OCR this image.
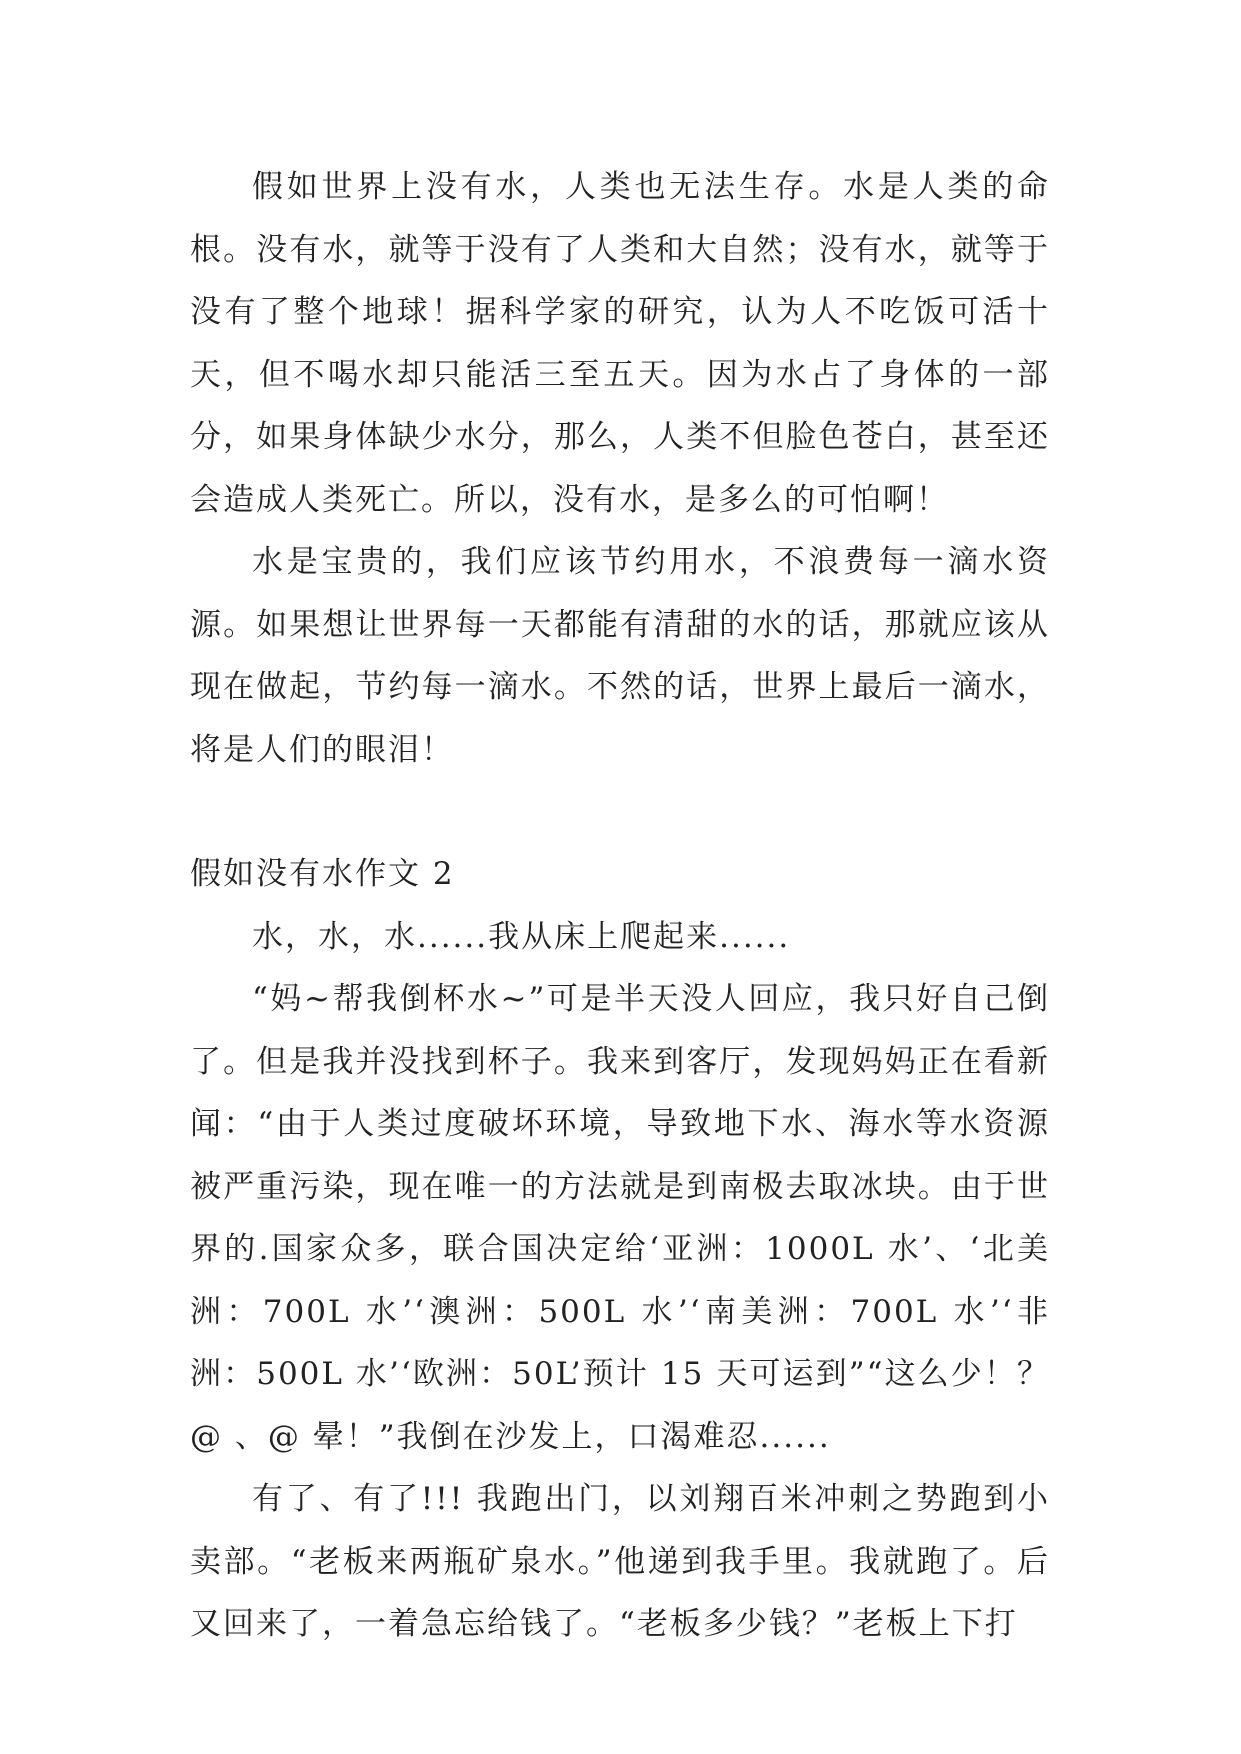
假如世界上没有水，人类也无法生存。水是人类的命根。没有水，就等于没有了人类和大自然；没有水，就等于没有了整个地球！据科学家的研究，认为人不吃饭可活十天，但不喝水却只能活三至五天。因为水占了身体的一部分，如果身体缺少水分，那么，人类不但脸色苍白，甚至还会造成人类死亡。所以，没有水，是多么的可怕啊！

水是宝贵的，我们应该节约用水，不浪费每一滴水资源。如果想让世界每一天都能有清甜的水的话，那就应该从现在做起，节约每一滴水。不然的话，世界上最后一滴水，将是人们的眼泪！

假如没有水作文 2

水，水，水......我从床上爬起来......

“妈~帮我倒杯水~”可是半天没人回应，我只好自己倒了。但是我并没找到杯子。我来到客厅，发现妈妈正在看新闻：“由于人类过度破坏环境，导致地下水、海水等水资源被严重污染，现在唯一的方法就是到南极去取冰块。由于世界的.国家众多，联合国决定给‘亚洲：1000L 水’、‘北美洲：700L 水’‘澳洲：500L 水’‘南美洲：700L 水’‘非洲：500L 水’‘欧洲：50L’预计 15 天可运到”“这么少！？@ 、@ 晕！”我倒在沙发上，口渴难忍......

有了、有了!!! 我跑出门，以刘翔百米冲刺之势跑到小卖部。“老板来两瓶矿泉水。”他递到我手里。我就跑了。后又回来了，一着急忘给钱了。“老板多少钱？”老板上下打
